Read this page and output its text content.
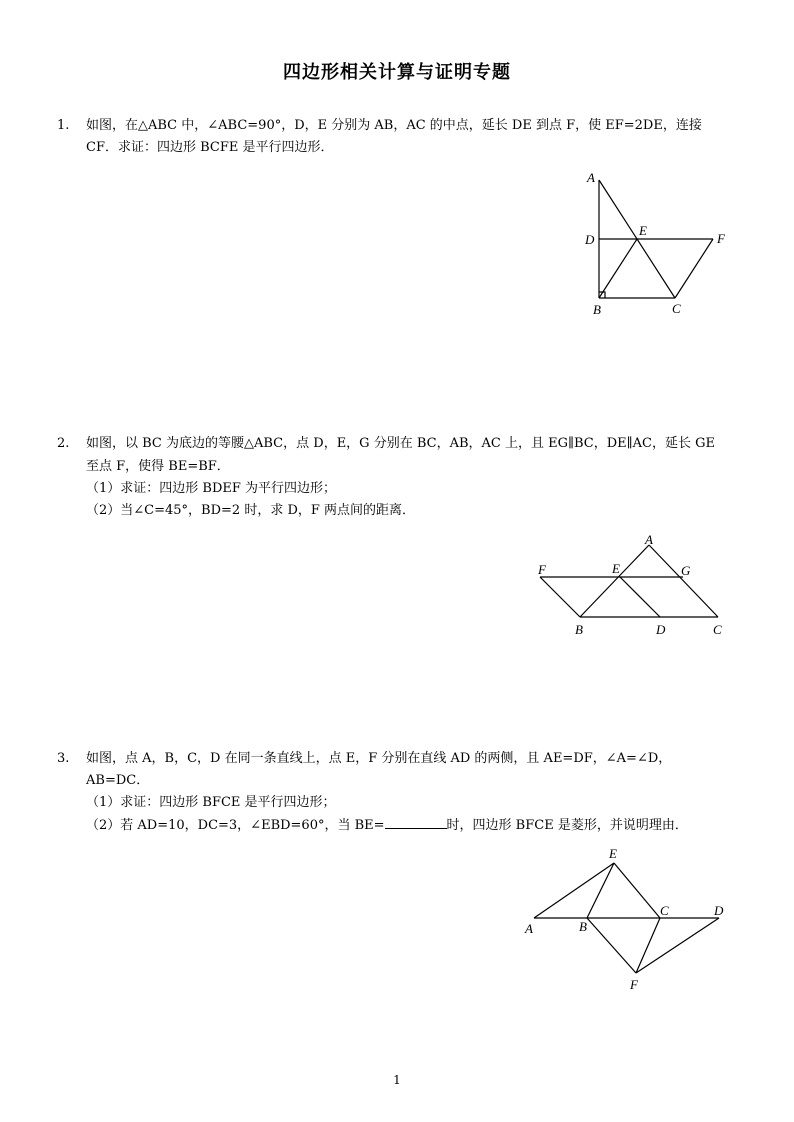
四边形相关计算与证明专题
1. 如图，在△ABC 中，∠ABC=90°，D，E 分别为 AB，AC 的中点，延长 DE 到点 F，使 EF=2DE，连接
CF．求证：四边形 BCFE 是平行四边形．
A
D
E
F
B	C
2. 如图，以 BC 为底边的等腰△ABC，点 D，E，G 分别在 BC，AB，AC 上，且 EG∥BC，DE∥AC，延长 GE
至点 F，使得 BE=BF．
（1）求证：四边形 BDEF 为平行四边形；
（2）当∠C=45°，BD=2 时，求 D，F 两点间的距离．
A
F	E	G
B	D	C
3. 如图，点 A，B，C，D 在同一条直线上，点 E，F 分别在直线 AD 的两侧，且 AE=DF，∠A=∠D，
AB=DC．
（1）求证：四边形 BFCE 是平行四边形；
（2）若 AD=10，DC=3，∠EBD=60°，当 BE=	时，四边形 BFCE 是菱形，并说明理由．
E
A	B
C	D
F
1
